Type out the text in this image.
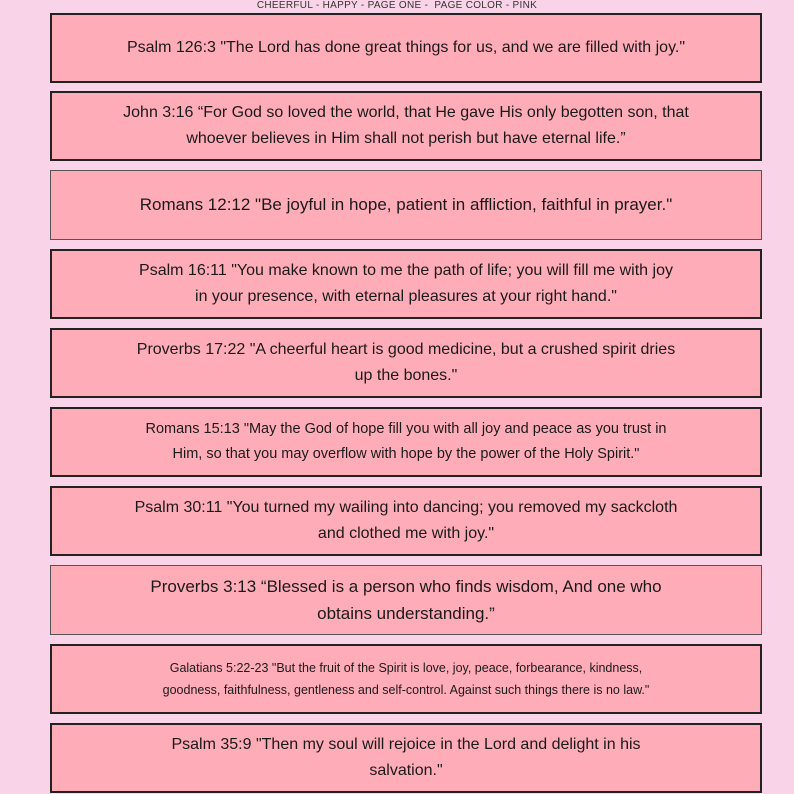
CHEERFUL - HAPPY - PAGE ONE -  PAGE COLOR - PINK
Psalm 126:3 "The Lord has done great things for us, and we are filled with joy."
John 3:16 “For God so loved the world, that He gave His only begotten son, that
whoever believes in Him shall not perish but have eternal life.”
Romans 12:12 "Be joyful in hope, patient in affliction, faithful in prayer."
Psalm 16:11 "You make known to me the path of life; you will fill me with joy
in your presence, with eternal pleasures at your right hand."
Proverbs 17:22 "A cheerful heart is good medicine, but a crushed spirit dries
up the bones."
Romans 15:13 "May the God of hope fill you with all joy and peace as you trust in
Him, so that you may overflow with hope by the power of the Holy Spirit."
Psalm 30:11 "You turned my wailing into dancing; you removed my sackcloth
and clothed me with joy."
Proverbs 3:13 “Blessed is a person who finds wisdom, And one who
obtains understanding.”
Galatians 5:22-23 "But the fruit of the Spirit is love, joy, peace, forbearance, kindness,
goodness, faithfulness, gentleness and self-control. Against such things there is no law."
Psalm 35:9 "Then my soul will rejoice in the Lord and delight in his
salvation."
